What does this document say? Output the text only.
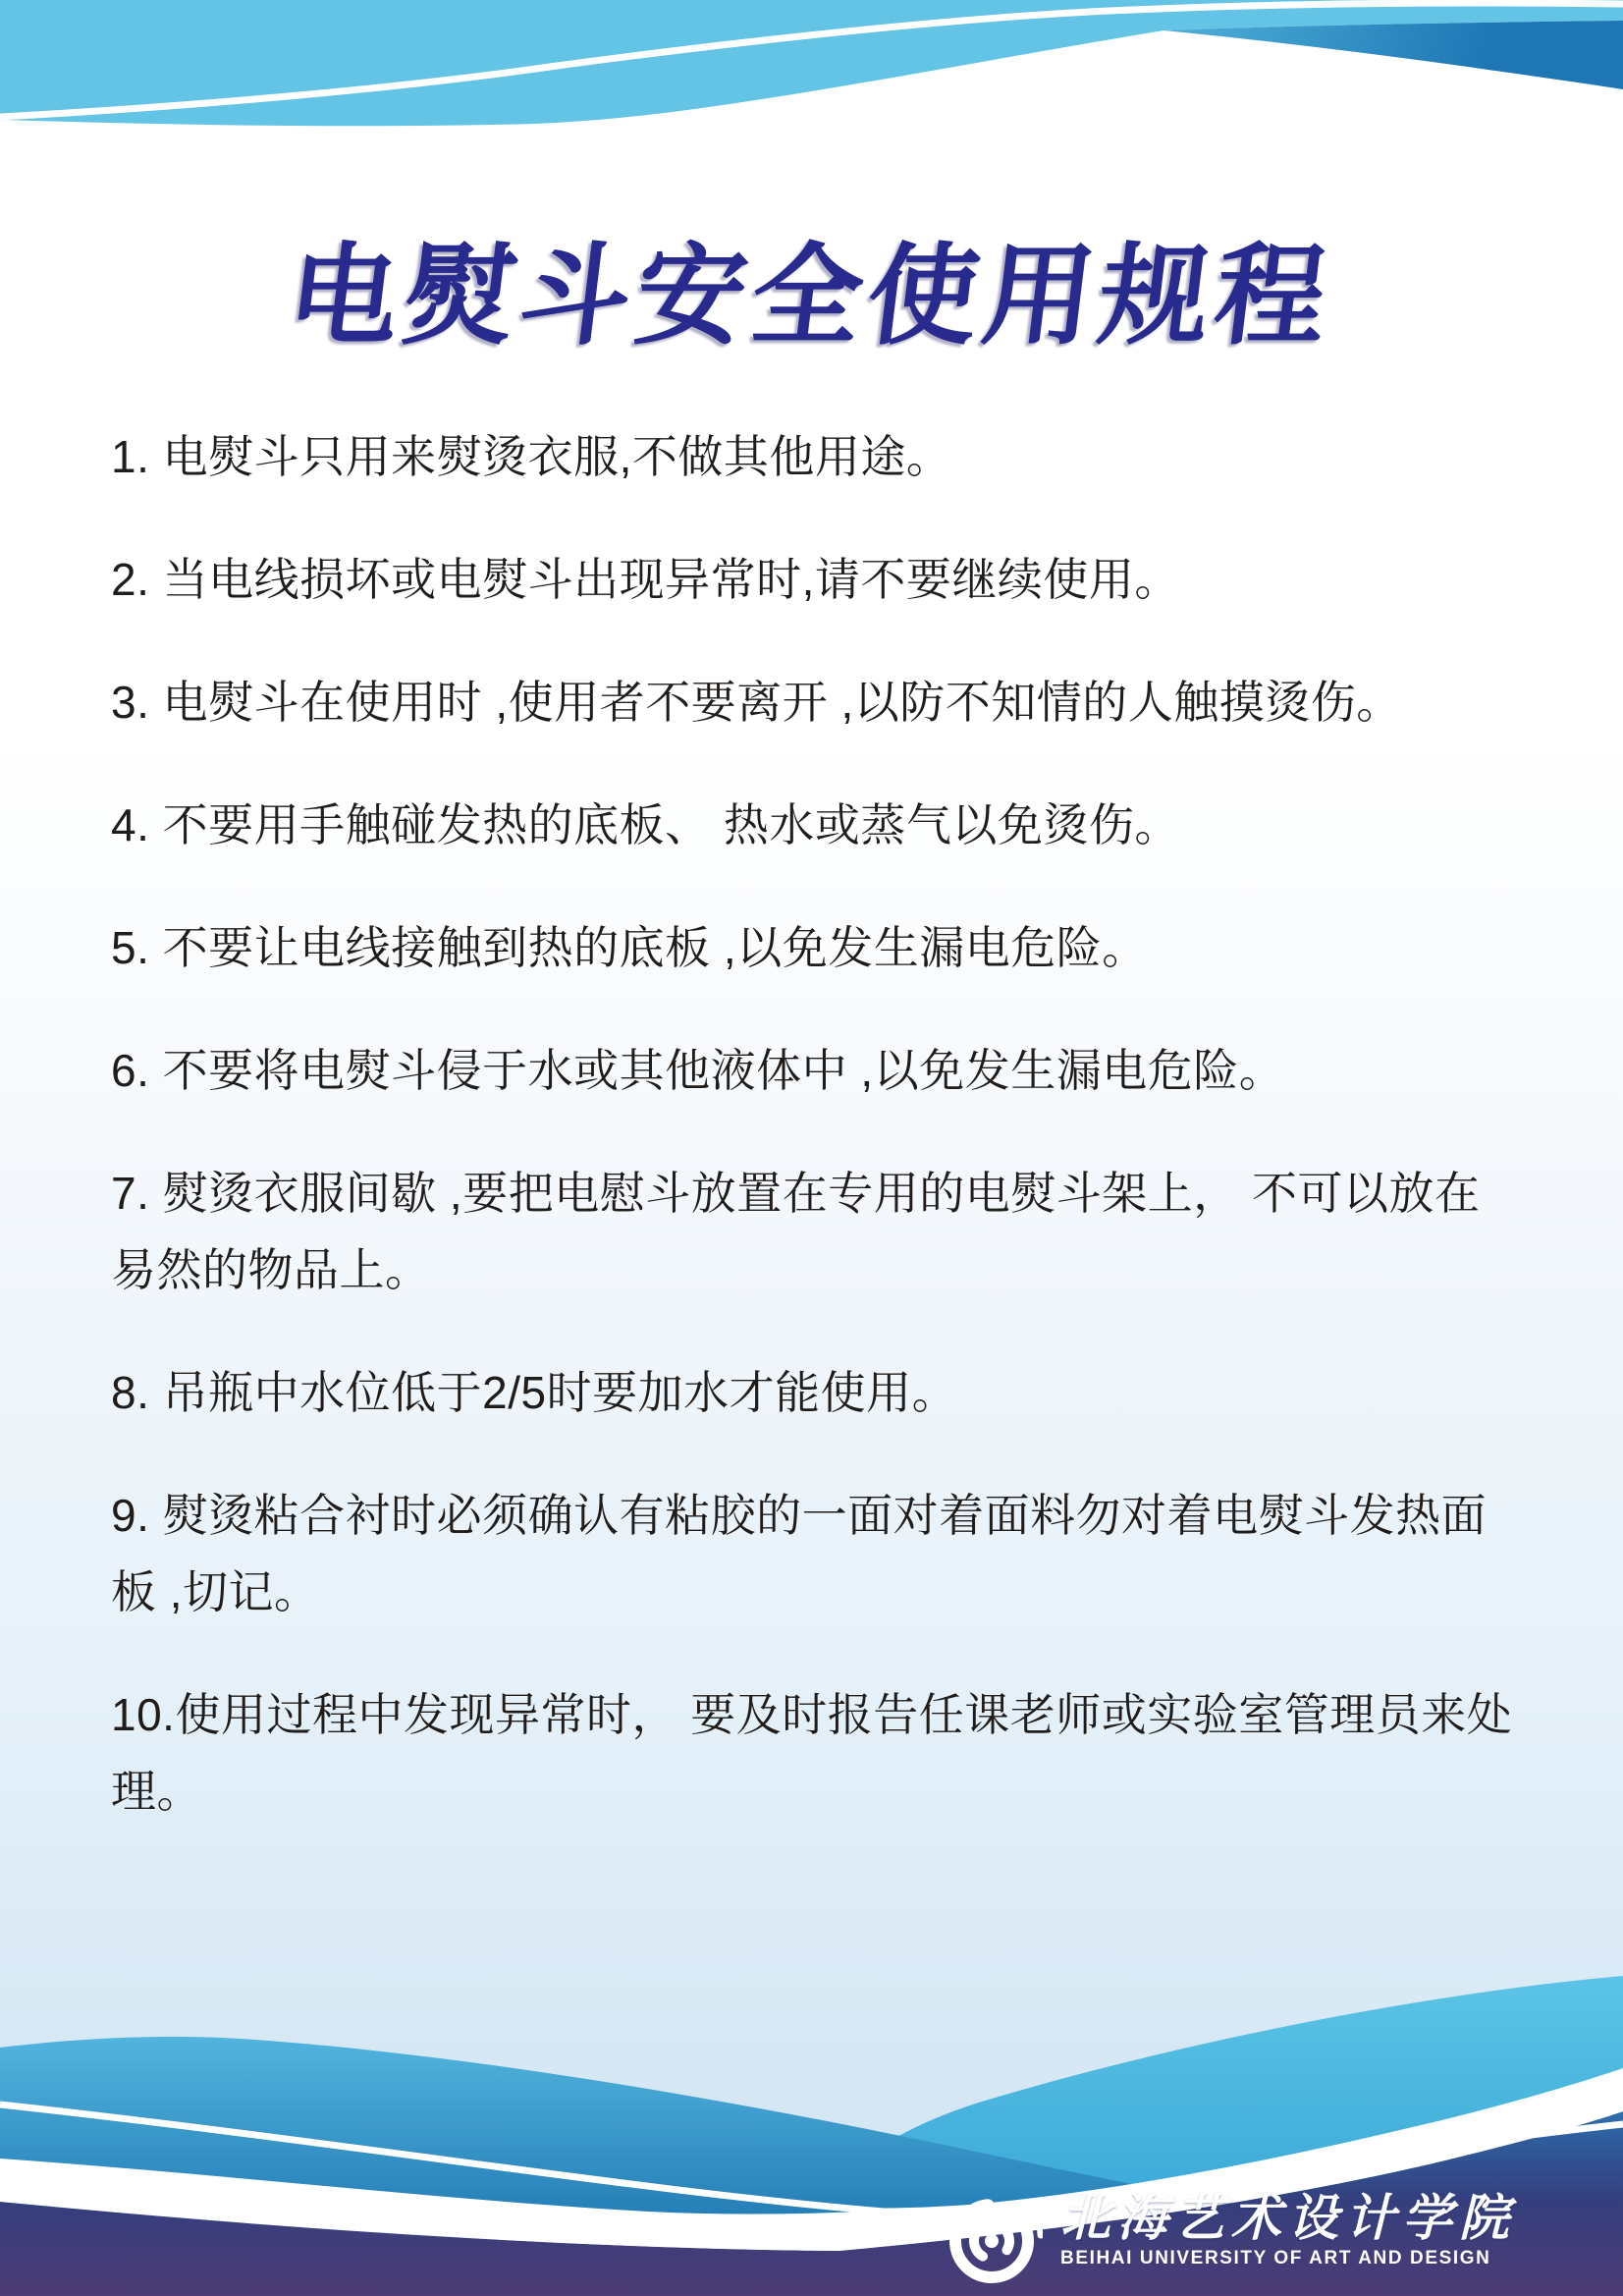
电熨斗安全使用规程

1. 电熨斗只用来熨烫衣服,不做其他用途。

2. 当电线损坏或电熨斗出现异常时,请不要继续使用。

3. 电熨斗在使用时 ,使用者不要离开 ,以防不知情的人触摸烫伤。

4. 不要用手触碰发热的底板、 热水或蒸气以免烫伤。

5. 不要让电线接触到热的底板 ,以免发生漏电危险。

6. 不要将电熨斗侵于水或其他液体中 ,以免发生漏电危险。

7. 熨烫衣服间歇 ,要把电慰斗放置在专用的电熨斗架上， 不可以放在易然的物品上。

8. 吊瓶中水位低于2/5时要加水才能使用。

9. 熨烫粘合衬时必须确认有粘胶的一面对着面料勿对着电熨斗发热面板 ,切记。

10.使用过程中发现异常时， 要及时报告任课老师或实验室管理员来处理。

北海艺术设计学院
BEIHAI UNIVERSITY OF ART AND DESIGN
